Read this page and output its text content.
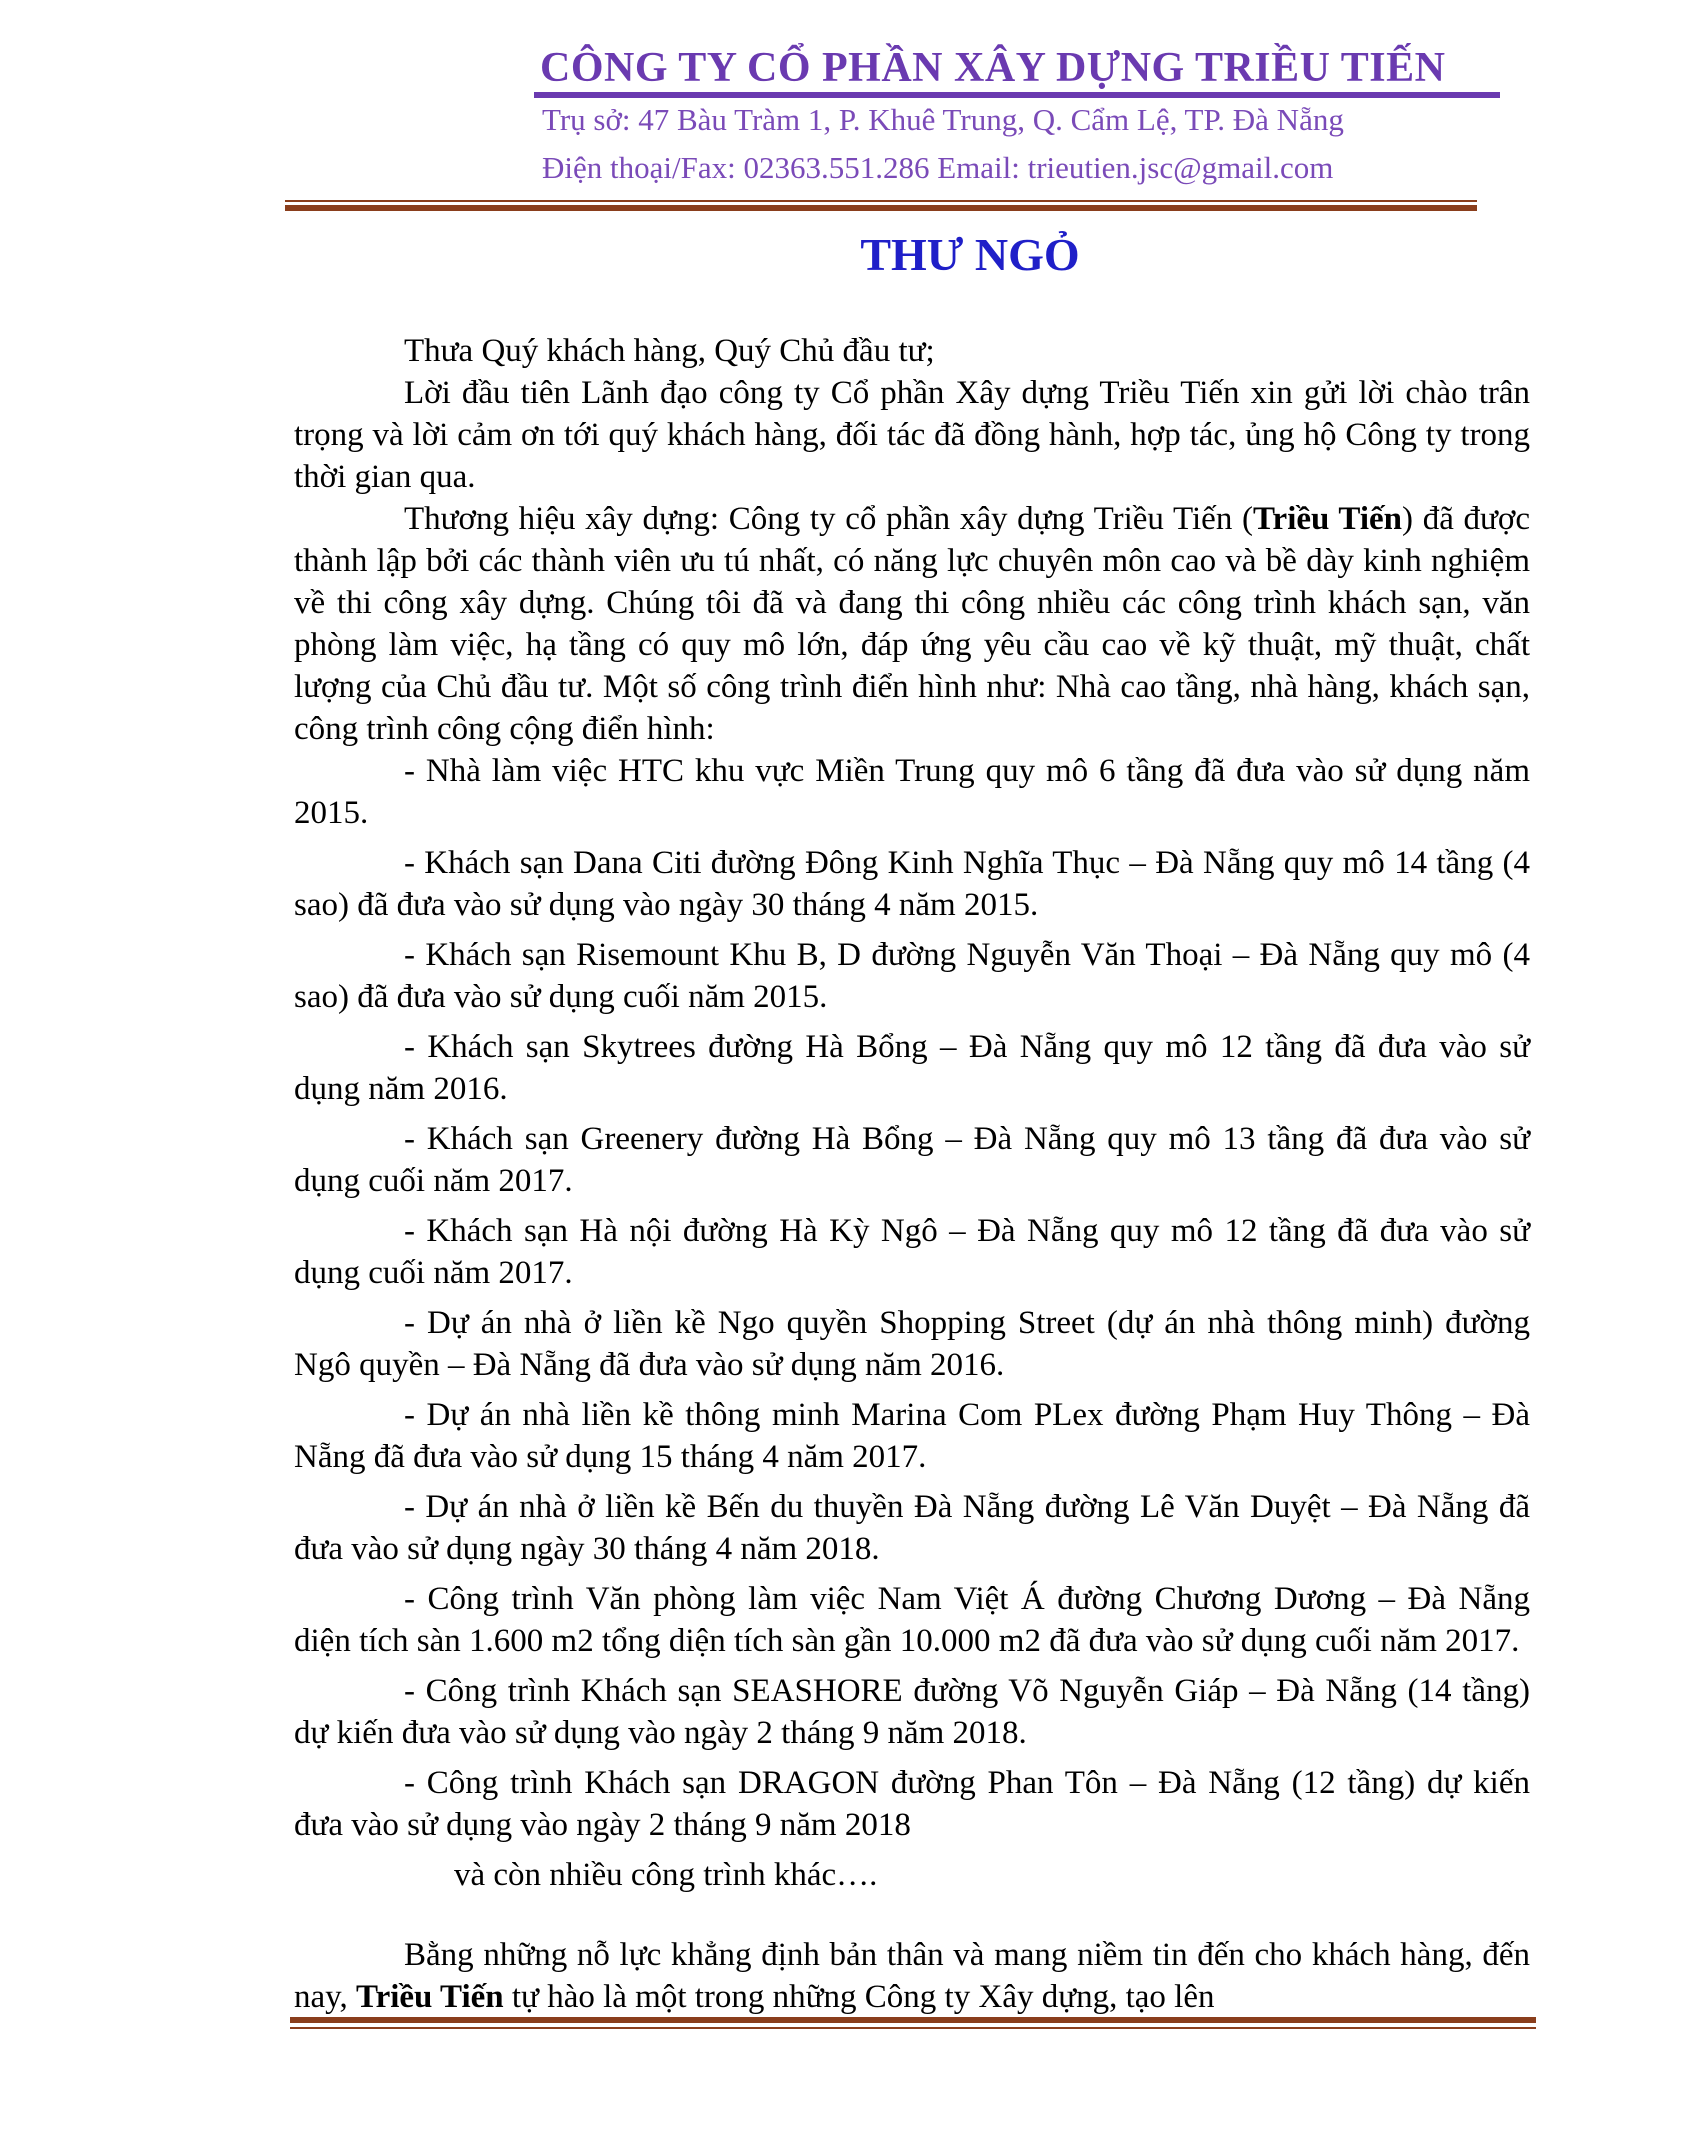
CÔNG TY CỔ PHẦN XÂY DỰNG TRIỀU TIẾN
Trụ sở: 47 Bàu Tràm 1, P. Khuê Trung, Q. Cẩm Lệ, TP. Đà Nẵng
Điện thoại/Fax: 02363.551.286 Email: trieutien.jsc@gmail.com
THƯ NGỎ

Thưa Quý khách hàng, Quý Chủ đầu tư;

Lời đầu tiên Lãnh đạo công ty Cổ phần Xây dựng Triều Tiến xin gửi lời chào trân trọng và lời cảm ơn tới quý khách hàng, đối tác đã đồng hành, hợp tác, ủng hộ Công ty trong thời gian qua.

Thương hiệu xây dựng: Công ty cổ phần xây dựng Triều Tiến (Triều Tiến) đã được thành lập bởi các thành viên ưu tú nhất, có năng lực chuyên môn cao và bề dày kinh nghiệm về thi công xây dựng. Chúng tôi đã và đang thi công nhiều các công trình khách sạn, văn phòng làm việc, hạ tầng có quy mô lớn, đáp ứng yêu cầu cao về kỹ thuật, mỹ thuật, chất lượng của Chủ đầu tư. Một số công trình điển hình như: Nhà cao tầng, nhà hàng, khách sạn, công trình công cộng điển hình:

- Nhà làm việc HTC khu vực Miền Trung quy mô 6 tầng đã đưa vào sử dụng năm 2015.

- Khách sạn Dana Citi đường Đông Kinh Nghĩa Thục – Đà Nẵng quy mô 14 tầng (4 sao) đã đưa vào sử dụng vào ngày 30 tháng 4 năm 2015.

- Khách sạn Risemount Khu B, D đường Nguyễn Văn Thoại – Đà Nẵng quy mô (4 sao) đã đưa vào sử dụng cuối năm 2015.

- Khách sạn Skytrees đường Hà Bổng – Đà Nẵng quy mô 12 tầng đã đưa vào sử dụng năm 2016.

- Khách sạn Greenery đường Hà Bổng – Đà Nẵng quy mô 13 tầng đã đưa vào sử dụng cuối năm 2017.

- Khách sạn Hà nội đường Hà Kỳ Ngô – Đà Nẵng quy mô 12 tầng đã đưa vào sử dụng cuối năm 2017.

- Dự án nhà ở liền kề Ngo quyền Shopping Street (dự án nhà thông minh) đường Ngô quyền – Đà Nẵng đã đưa vào sử dụng năm 2016.

- Dự án nhà liền kề thông minh Marina Com PLex đường Phạm Huy Thông – Đà Nẵng đã đưa vào sử dụng 15 tháng 4 năm 2017.

- Dự án nhà ở liền kề Bến du thuyền Đà Nẵng đường Lê Văn Duyệt – Đà Nẵng đã đưa vào sử dụng ngày 30 tháng 4 năm 2018.

- Công trình Văn phòng làm việc Nam Việt Á đường Chương Dương – Đà Nẵng diện tích sàn 1.600 m2 tổng diện tích sàn gần 10.000 m2 đã đưa vào sử dụng cuối năm 2017.

- Công trình Khách sạn SEASHORE đường Võ Nguyễn Giáp – Đà Nẵng (14 tầng) dự kiến đưa vào sử dụng vào ngày 2 tháng 9 năm 2018.

- Công trình Khách sạn DRAGON đường Phan Tôn – Đà Nẵng (12 tầng) dự kiến đưa vào sử dụng vào ngày 2 tháng 9 năm 2018

và còn nhiều công trình khác….

Bằng những nỗ lực khẳng định bản thân và mang niềm tin đến cho khách hàng, đến nay, Triều Tiến tự hào là một trong những Công ty Xây dựng, tạo lên
